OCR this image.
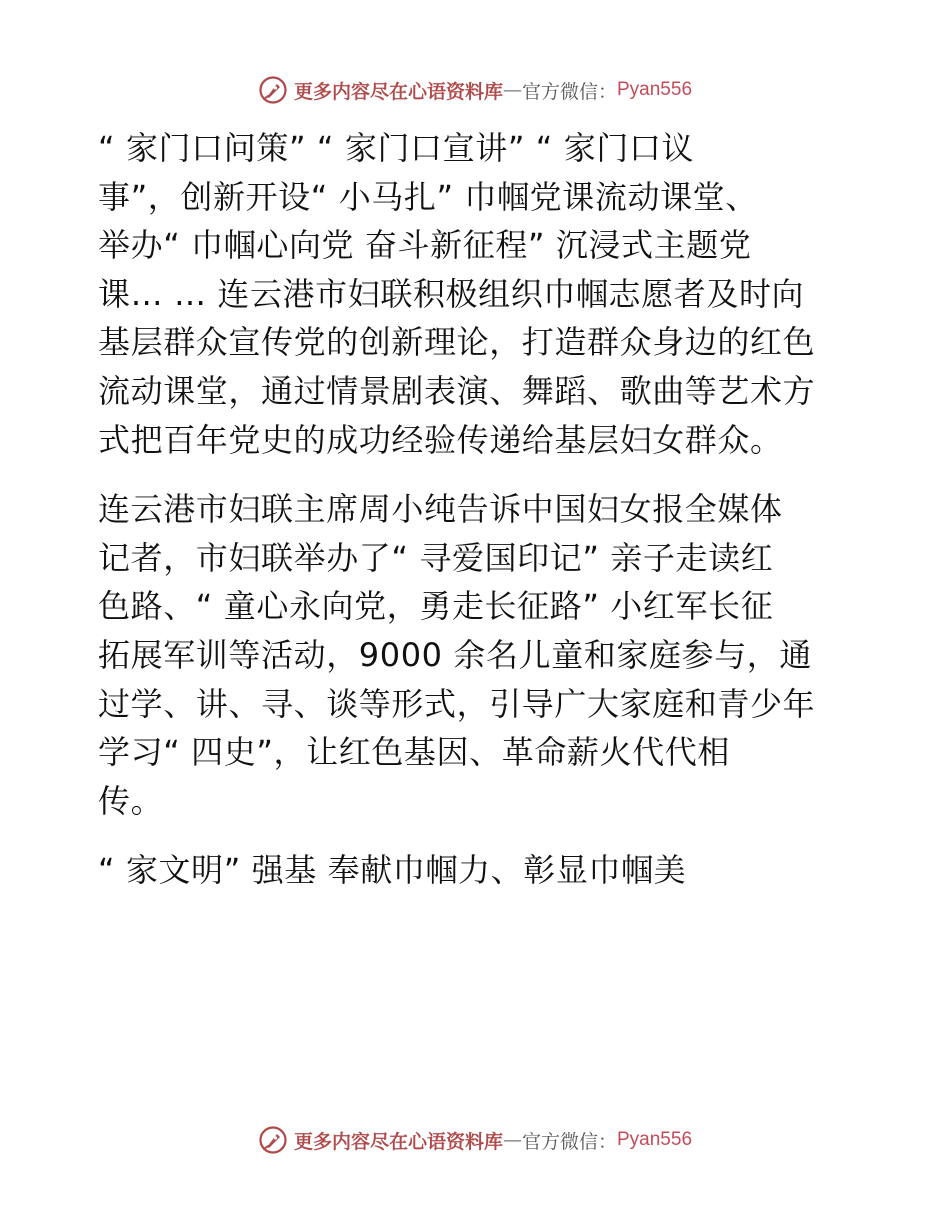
更多内容尽在心语资料库 — 官方微信： Pyan556

“ 家门口问策” “ 家门口宣讲” “ 家门口议
事”，创新开设“ 小马扎” 巾帼党课流动课堂、
举办“ 巾帼心向党 奋斗新征程” 沉浸式主题党
课… … 连云港市妇联积极组织巾帼志愿者及时向
基层群众宣传党的创新理论，打造群众身边的红色
流动课堂，通过情景剧表演、舞蹈、歌曲等艺术方
式把百年党史的成功经验传递给基层妇女群众。

连云港市妇联主席周小纯告诉中国妇女报全媒体
记者，市妇联举办了“ 寻爱国印记” 亲子走读红
色路、“ 童心永向党，勇走长征路” 小红军长征
拓展军训等活动，9000 余名儿童和家庭参与，通
过学、讲、寻、谈等形式，引导广大家庭和青少年
学习“ 四史”，让红色基因、革命薪火代代相
传。

“ 家文明” 强基 奉献巾帼力、彰显巾帼美

更多内容尽在心语资料库 — 官方微信： Pyan556
